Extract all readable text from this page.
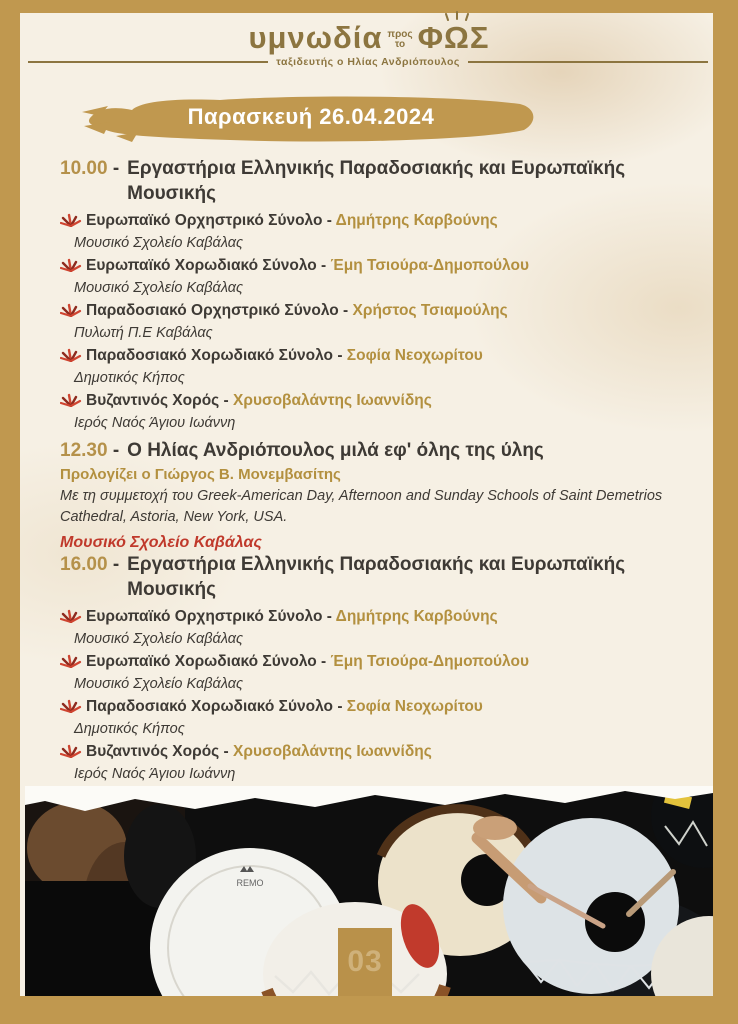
υμνωδία προς
το ΦΩΣ
ταξιδευτής ο Ηλίας Ανδριόπουλος
Παρασκευή 26.04.2024
10.00 - Εργαστήρια Ελληνικής Παραδοσιακής και Ευρωπαϊκής Μουσικής
Ευρωπαϊκό Ορχηστρικό Σύνολο - Δημήτρης Καρβούνης
Μουσικό Σχολείο Καβάλας
Ευρωπαϊκό Χορωδιακό Σύνολο - Έμη Τσιούρα-Δημοπούλου
Μουσικό Σχολείο Καβάλας
Παραδοσιακό Ορχηστρικό Σύνολο - Χρήστος Τσιαμούλης
Πυλωτή Π.Ε Καβάλας
Παραδοσιακό Χορωδιακό Σύνολο - Σοφία Νεοχωρίτου
Δημοτικός Κήπος
Βυζαντινός Χορός - Χρυσοβαλάντης Ιωαννίδης
Ιερός Ναός Άγιου Ιωάννη
12.30 - Ο Ηλίας Ανδριόπουλος μιλά εφ' όλης της ύλης
Προλογίζει ο Γιώργος Β. Μονεμβασίτης
Με τη συμμετοχή του Greek-American Day, Afternoon and Sunday Schools of Saint Demetrios Cathedral, Astoria, New York, USA.
Μουσικό Σχολείο Καβάλας
16.00 - Εργαστήρια Ελληνικής Παραδοσιακής και Ευρωπαϊκής Μουσικής
Ευρωπαϊκό Ορχηστρικό Σύνολο - Δημήτρης Καρβούνης
Μουσικό Σχολείο Καβάλας
Ευρωπαϊκό Χορωδιακό Σύνολο - Έμη Τσιούρα-Δημοπούλου
Μουσικό Σχολείο Καβάλας
Παραδοσιακό Χορωδιακό Σύνολο - Σοφία Νεοχωρίτου
Δημοτικός Κήπος
Βυζαντινός Χορός - Χρυσοβαλάντης Ιωαννίδης
Ιερός Ναός Άγιου Ιωάννη
REMO
03
